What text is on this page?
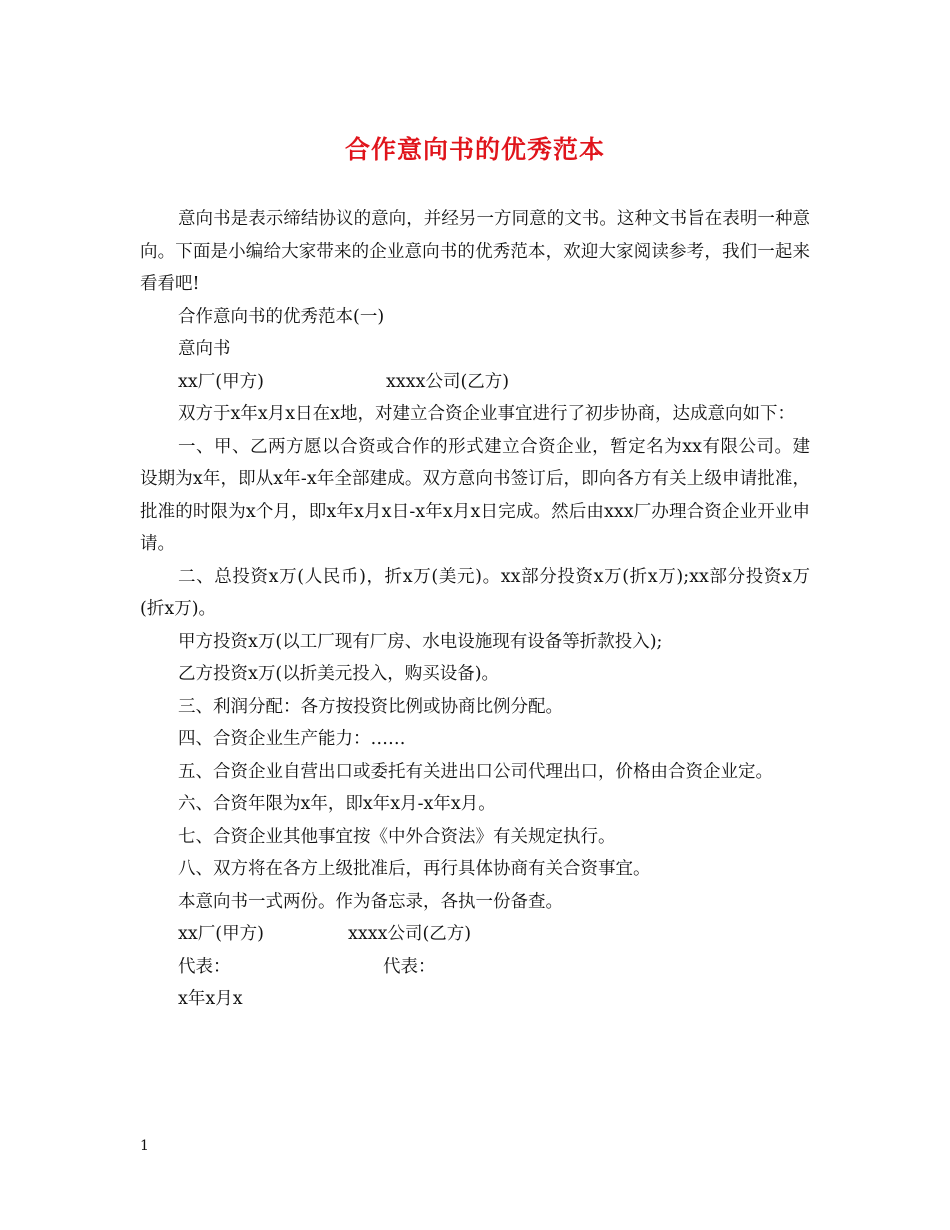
合作意向书的优秀范本

意向书是表示缔结协议的意向，并经另一方同意的文书。这种文书旨在表明一种意向。下面是小编给大家带来的企业意向书的优秀范本，欢迎大家阅读参考，我们一起来看看吧!

合作意向书的优秀范本(一)

意向书

xx厂(甲方)	xxxx公司(乙方)

双方于x年x月x日在x地，对建立合资企业事宜进行了初步协商，达成意向如下：

一、甲、乙两方愿以合资或合作的形式建立合资企业，暂定名为xx有限公司。建设期为x年，即从x年-x年全部建成。双方意向书签订后，即向各方有关上级申请批准，批准的时限为x个月，即x年x月x日-x年x月x日完成。然后由xxx厂办理合资企业开业申 请。

二、总投资x万(人民币)，折x万(美元)。xx部分投资x万(折x万);xx部分投资x万(折x万)。

甲方投资x万(以工厂现有厂房、水电设施现有设备等折款投入);

乙方投资x万(以折美元投入，购买设备)。

三、利润分配：各方按投资比例或协商比例分配。

四、合资企业生产能力：……

五、合资企业自营出口或委托有关进出口公司代理出口，价格由合资企业定。

六、合资年限为x年，即x年x月-x年x月。

七、合资企业其他事宜按《中外合资法》有关规定执行。

八、双方将在各方上级批准后，再行具体协商有关合资事宜。

本意向书一式两份。作为备忘录，各执一份备查。

xx厂(甲方)	xxxx公司(乙方)

代表：	代表：

x年x月x

1
